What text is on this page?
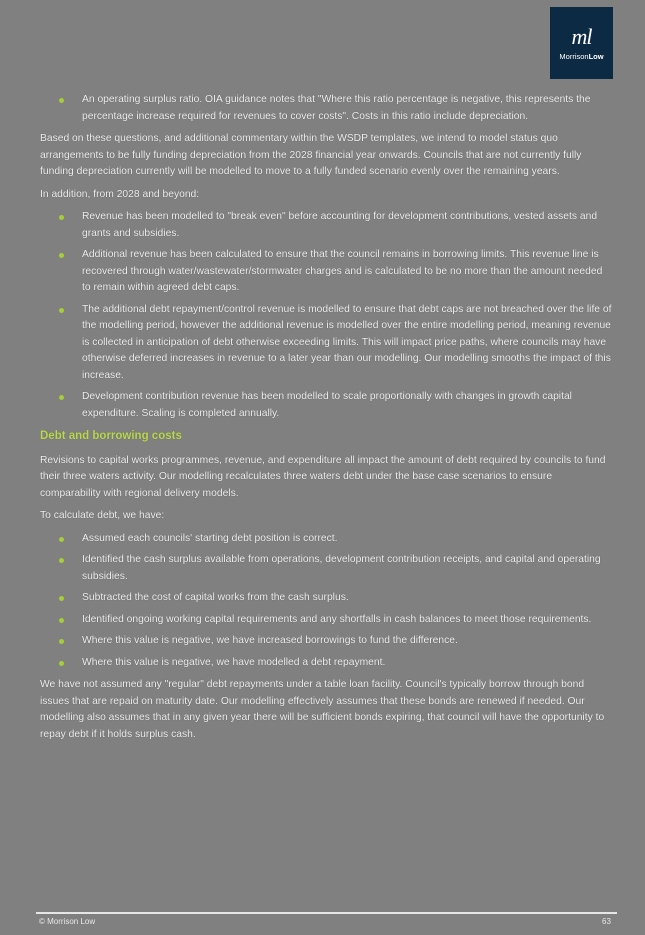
ml
MorrisonLow
An operating surplus ratio. OIA guidance notes that "Where this ratio percentage is negative, this represents the percentage increase required for revenues to cover costs". Costs in this ratio include depreciation.

Based on these questions, and additional commentary within the WSDP templates, we intend to model status quo arrangements to be fully funding depreciation from the 2028 financial year onwards. Councils that are not currently fully funding depreciation currently will be modelled to move to a fully funded scenario evenly over the remaining years.

In addition, from 2028 and beyond:

Revenue has been modelled to "break even" before accounting for development contributions, vested assets and grants and subsidies.
Additional revenue has been calculated to ensure that the council remains in borrowing limits. This revenue line is recovered through water/wastewater/stormwater charges and is calculated to be no more than the amount needed to remain within agreed debt caps.
The additional debt repayment/control revenue is modelled to ensure that debt caps are not breached over the life of the modelling period, however the additional revenue is modelled over the entire modelling period, meaning revenue is collected in anticipation of debt otherwise exceeding limits. This will impact price paths, where councils may have otherwise deferred increases in revenue to a later year than our modelling. Our modelling smooths the impact of this increase.
Development contribution revenue has been modelled to scale proportionally with changes in growth capital expenditure. Scaling is completed annually.
Debt and borrowing costs

Revisions to capital works programmes, revenue, and expenditure all impact the amount of debt required by councils to fund their three waters activity. Our modelling recalculates three waters debt under the base case scenarios to ensure comparability with regional delivery models.

To calculate debt, we have:

Assumed each councils' starting debt position is correct.
Identified the cash surplus available from operations, development contribution receipts, and capital and operating subsidies.
Subtracted the cost of capital works from the cash surplus.
Identified ongoing working capital requirements and any shortfalls in cash balances to meet those requirements.
Where this value is negative, we have increased borrowings to fund the difference.
Where this value is negative, we have modelled a debt repayment.

We have not assumed any "regular" debt repayments under a table loan facility. Council's typically borrow through bond issues that are repaid on maturity date. Our modelling effectively assumes that these bonds are renewed if needed. Our modelling also assumes that in any given year there will be sufficient bonds expiring, that council will have the opportunity to repay debt if it holds surplus cash.

© Morrison Low	63
